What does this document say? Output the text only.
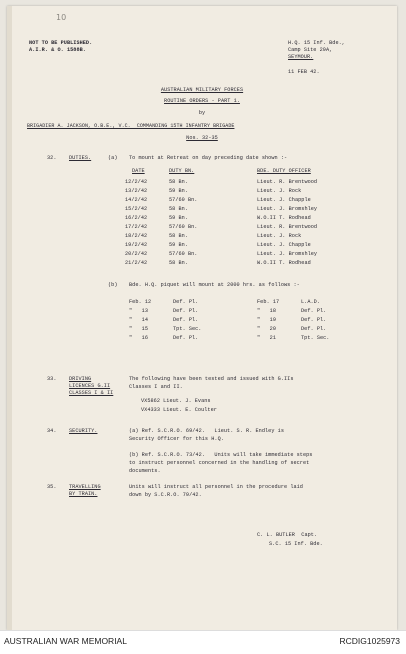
10
NOT TO BE PUBLISHED.
A.I.R. & O. 1588B.
H.Q. 15 Inf. Bde.,
Camp Site 29A,
SEYMOUR.
11 FEB 42.
AUSTRALIAN MILITARY FORCES
ROUTINE ORDERS - PART 1.
by
BRIGADIER A. JACKSON, O.B.E., V.C.  COMMANDING 15TH INFANTRY BRIGADE
Nos. 32-35
32. DUTIES.	(a) To mount at Retreat on day preceding date shown :-
DATE	DUTY BN.	BDE. DUTY OFFICER
12/2/42	58 Bn.	Lieut. R. Brentwood
13/2/42	59 Bn.	Lieut. J. Rock
14/2/42	57/60 Bn.	Lieut. J. Chapple
15/2/42	58 Bn.	Lieut. J. Bromshley
16/2/42	59 Bn.	W.O.II T. Rodhead
17/2/42	57/60 Bn.	Lieut. R. Brentwood
18/2/42	58 Bn.	Lieut. J. Rock
19/2/42	59 Bn.	Lieut. J. Chapple
20/2/42	57/60 Bn.	Lieut. J. Bromshley
21/2/42	58 Bn.	W.O.II T. Rodhead
(b) Bde. H.Q. piquet will mount at 2000 hrs. as follows :-
Feb. 12	Def. Pl.
"   13	Def. Pl.
"   14	Def. Pl.
"   15	Tpt. Sec.
"   16	Def. Pl.
Feb. 17	L.A.D.
"   18	Def. Pl.
"   19	Def. Pl.
"   20	Def. Pl.
"   21	Tpt. Sec.
33. DRIVING
LICENCES G.II
CLASSES I & II
The following have been tested and issued with G.IIs
Classes I and II.
VX5862 Lieut. J. Evans
VX4333 Lieut. E. Coulter
34. SECURITY.	(a) Ref. S.C.R.O. 69/42.   Lieut. S. R. Endley is
Security Officer for this H.Q.
(b) Ref. S.C.R.O. 73/42.   Units will take immediate steps
to instruct personnel concerned in the handling of secret
documents.
35. TRAVELLING
BY TRAIN.
Units will instruct all personnel in the procedure laid
down by S.C.R.O. 79/42.
C. L. BUTLER  Capt.
S.C. 15 Inf. Bde.
AUSTRALIAN WAR MEMORIAL	RCDIG1025973
